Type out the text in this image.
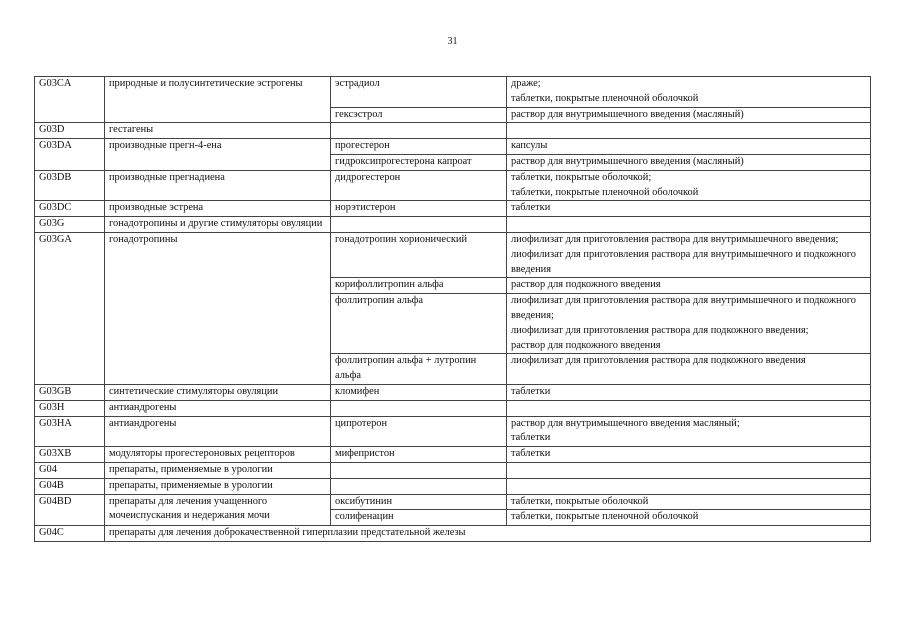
31
G03CA	природные и полусинтетические эстрогены	эстрадиол	драже;
таблетки, покрытые пленочной оболочкой

		гексэстрол	раствор для внутримышечного введения (масляный)

G03D	гестагены		
G03DA	производные прегн-4-ена	прогестерон	капсулы

		гидроксипрогестерона капроат	раствор для внутримышечного введения (масляный)

G03DB	производные прегнадиена	дидрогестерон	таблетки, покрытые оболочкой;
таблетки, покрытые пленочной оболочкой

G03DC	производные эстрена	норэтистерон	таблетки

G03G	гонадотропины и другие стимуляторы овуляции		
G03GA	гонадотропины	гонадотропин хорионический	лиофилизат для приготовления раствора для внутримышечного введения;
лиофилизат для приготовления раствора для внутримышечного и подкожного введения

		корифоллитропин альфа	раствор для подкожного введения

		фоллитропин альфа	лиофилизат для приготовления раствора для внутримышечного и подкожного введения;
лиофилизат для приготовления раствора для подкожного введения;
раствор для подкожного введения

		фоллитропин альфа + лутропин альфа	лиофилизат для приготовления раствора для подкожного введения

G03GB	синтетические стимуляторы овуляции	кломифен	таблетки

G03H	антиандрогены		
G03HA	антиандрогены	ципротерон	раствор для внутримышечного введения масляный;
таблетки

G03XB	модуляторы прогестероновых рецепторов	мифепристон	таблетки

G04	препараты, применяемые в урологии		
G04B	препараты, применяемые в урологии		
G04BD	препараты для лечения учащенного мочеиспускания и недержания мочи	оксибутинин	таблетки, покрытые оболочкой

		солифенацин	таблетки, покрытые пленочной оболочкой

G04C	препараты для лечения доброкачественной гиперплазии предстательной железы		
